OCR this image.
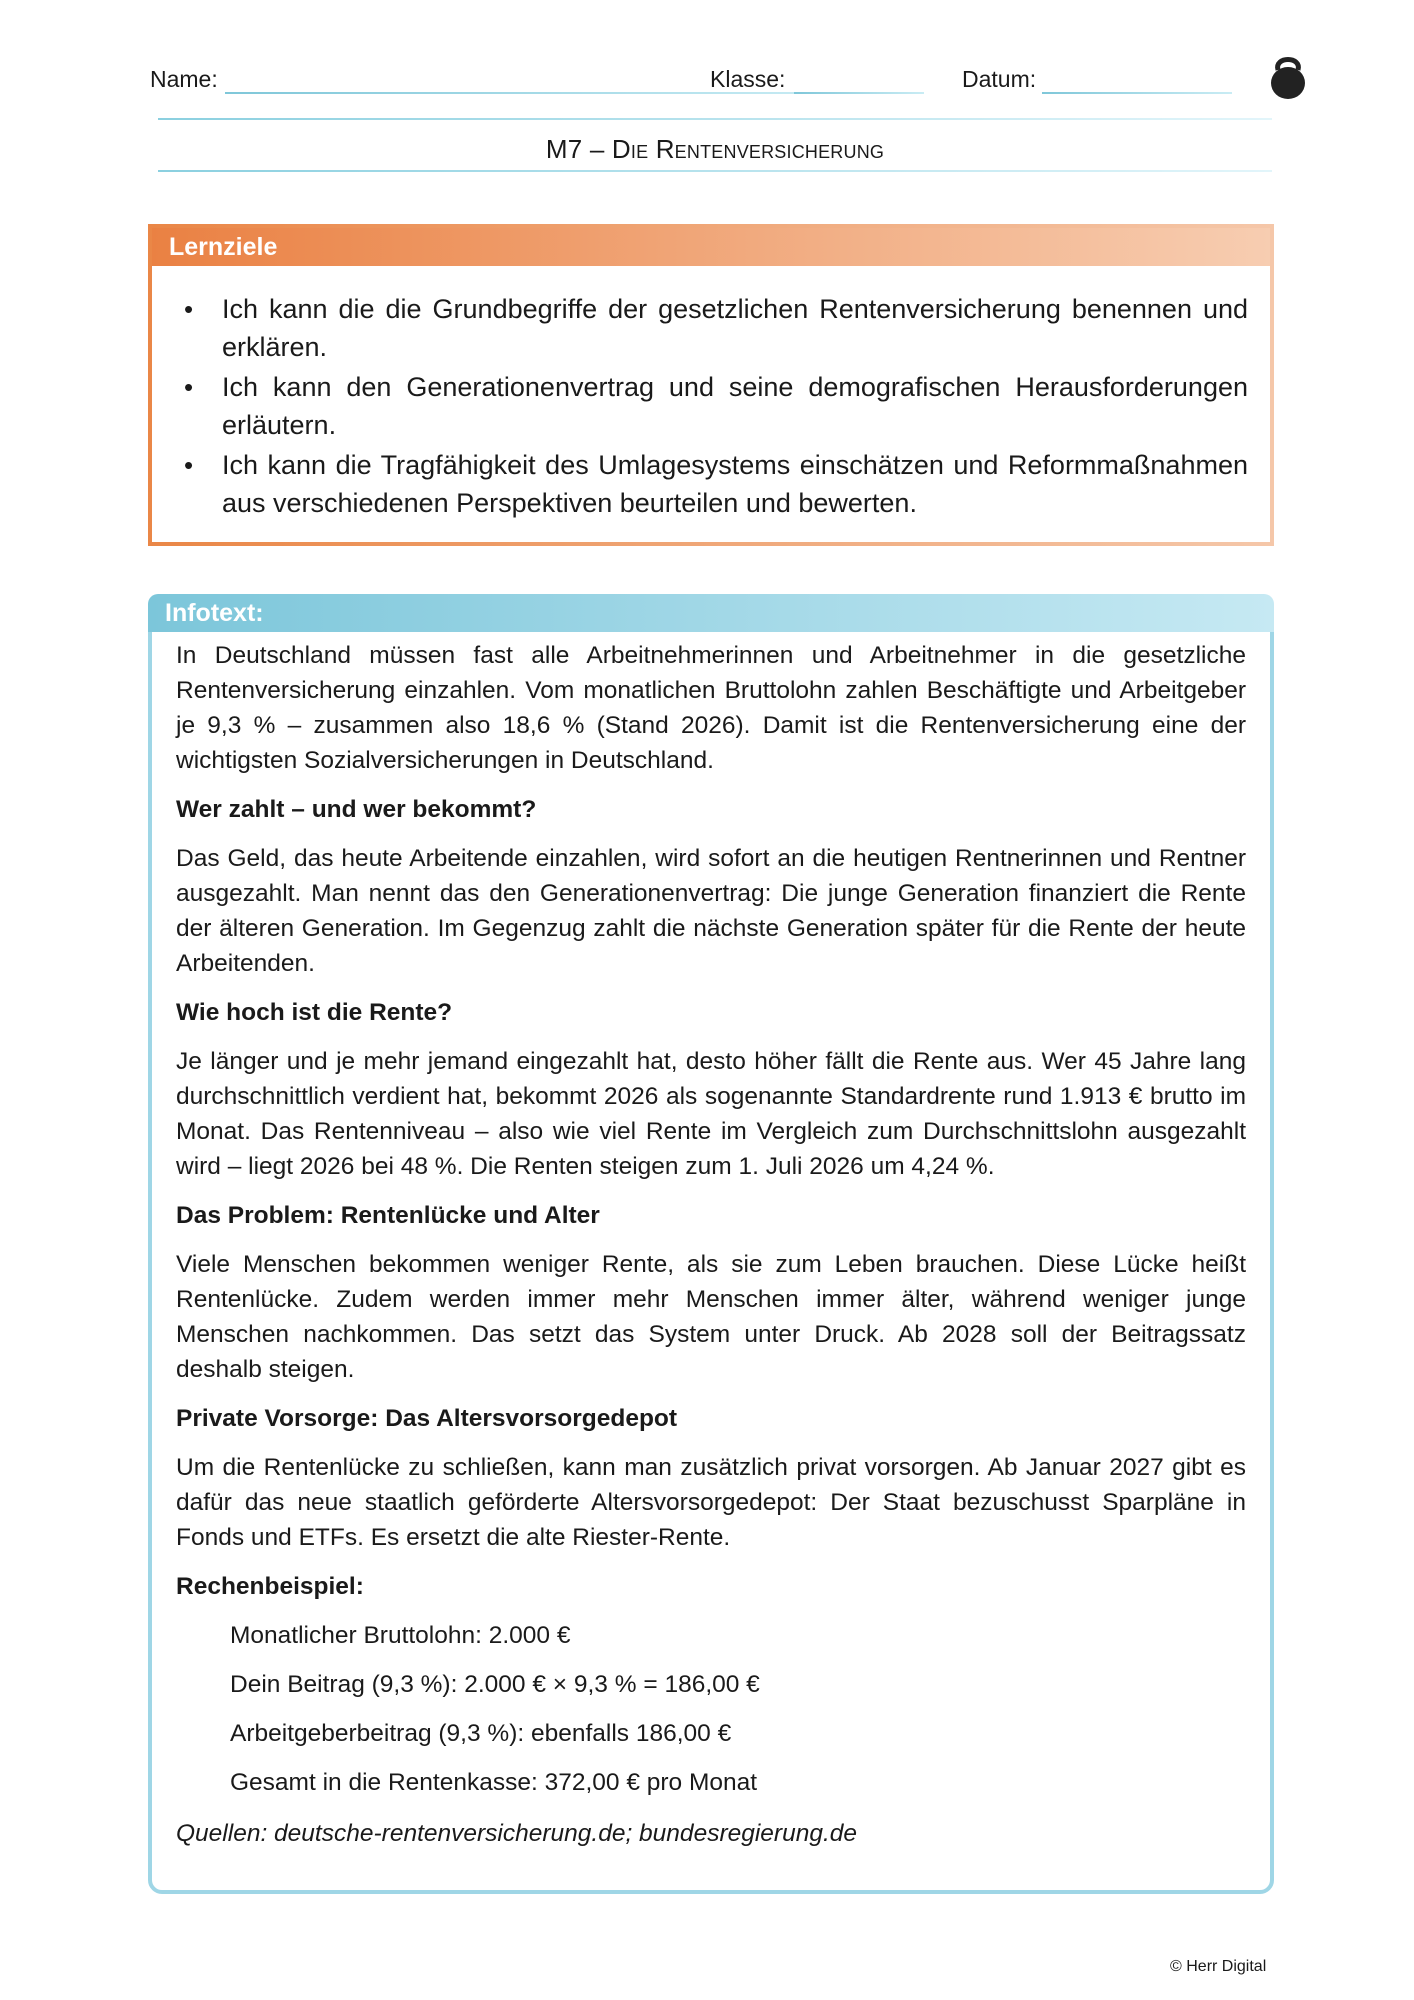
Name:	Klasse:	Datum:
M7 – Die Rentenversicherung
Lernziele
• Ich kann die die Grundbegriffe der gesetzlichen Rentenversicherung benennen und erklären.
• Ich kann den Generationenvertrag und seine demografischen Herausforderungen erläutern.
• Ich kann die Tragfähigkeit des Umlagesystems einschätzen und Reformmaßnahmen aus verschiedenen Perspektiven beurteilen und bewerten.
Infotext:

In Deutschland müssen fast alle Arbeitnehmerinnen und Arbeitnehmer in die gesetzliche Rentenversicherung einzahlen. Vom monatlichen Bruttolohn zahlen Beschäftigte und Arbeitgeber je 9,3 % – zusammen also 18,6 % (Stand 2026). Damit ist die Rentenversicherung eine der wichtigsten Sozialversicherungen in Deutschland.

Wer zahlt – und wer bekommt?

Das Geld, das heute Arbeitende einzahlen, wird sofort an die heutigen Rentnerinnen und Rentner ausgezahlt. Man nennt das den Generationenvertrag: Die junge Generation finanziert die Rente der älteren Generation. Im Gegenzug zahlt die nächste Generation später für die Rente der heute Arbeitenden.

Wie hoch ist die Rente?

Je länger und je mehr jemand eingezahlt hat, desto höher fällt die Rente aus. Wer 45 Jahre lang durchschnittlich verdient hat, bekommt 2026 als sogenannte Standardrente rund 1.913 € brutto im Monat. Das Rentenniveau – also wie viel Rente im Vergleich zum Durchschnittslohn ausgezahlt wird – liegt 2026 bei 48 %. Die Renten steigen zum 1. Juli 2026 um 4,24 %.

Das Problem: Rentenlücke und Alter

Viele Menschen bekommen weniger Rente, als sie zum Leben brauchen. Diese Lücke heißt Rentenlücke. Zudem werden immer mehr Menschen immer älter, während weniger junge Menschen nachkommen. Das setzt das System unter Druck. Ab 2028 soll der Beitragssatz deshalb steigen.

Private Vorsorge: Das Altersvorsorgedepot

Um die Rentenlücke zu schließen, kann man zusätzlich privat vorsorgen. Ab Januar 2027 gibt es dafür das neue staatlich geförderte Altersvorsorgedepot: Der Staat bezuschusst Sparpläne in Fonds und ETFs. Es ersetzt die alte Riester-Rente.

Rechenbeispiel:
Monatlicher Bruttolohn: 2.000 €
Dein Beitrag (9,3 %): 2.000 € × 9,3 % = 186,00 €
Arbeitgeberbeitrag (9,3 %): ebenfalls 186,00 €
Gesamt in die Rentenkasse: 372,00 € pro Monat
Quellen: deutsche-rentenversicherung.de; bundesregierung.de
© Herr Digital
